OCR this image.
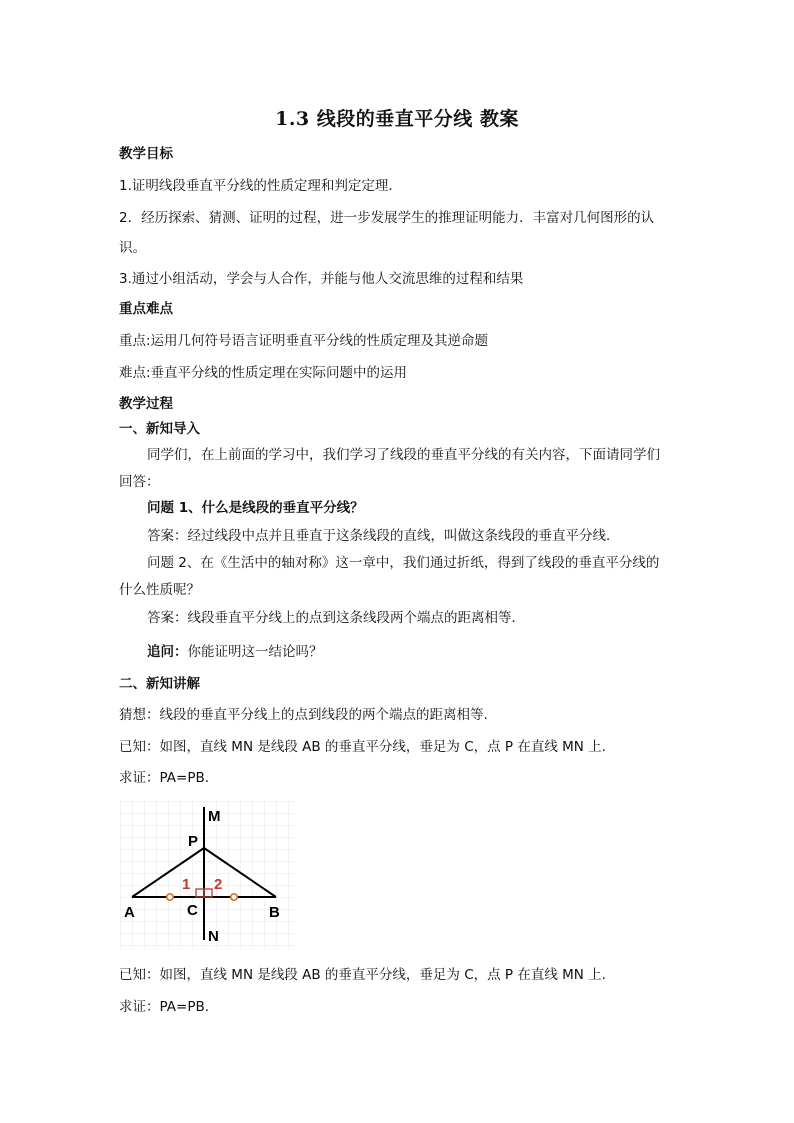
1.3 线段的垂直平分线 教案
教学目标
1.证明线段垂直平分线的性质定理和判定定理．
2．经历探索、猜测、证明的过程，进一步发展学生的推理证明能力．丰富对几何图形的认
识。
3.通过小组活动，学会与人合作，并能与他人交流思维的过程和结果
重点难点
重点:运用几何符号语言证明垂直平分线的性质定理及其逆命题
难点:垂直平分线的性质定理在实际问题中的运用
教学过程
一、新知导入
同学们，在上前面的学习中，我们学习了线段的垂直平分线的有关内容，下面请同学们
回答：
问题 1、什么是线段的垂直平分线？
答案：经过线段中点并且垂直于这条线段的直线，叫做这条线段的垂直平分线．
问题 2、在《生活中的轴对称》这一章中，我们通过折纸，得到了线段的垂直平分线的
什么性质呢？
答案：线段垂直平分线上的点到这条线段两个端点的距离相等．
追问：你能证明这一结论吗？
二、新知讲解
猜想：线段的垂直平分线上的点到线段的两个端点的距离相等.
已知：如图，直线 MN 是线段 AB 的垂直平分线，垂足为 C，点 P 在直线 MN 上.
求证：PA=PB.
M
P
1 2
A	C	B
N
已知：如图，直线 MN 是线段 AB 的垂直平分线，垂足为 C，点 P 在直线 MN 上.
求证：PA=PB.
